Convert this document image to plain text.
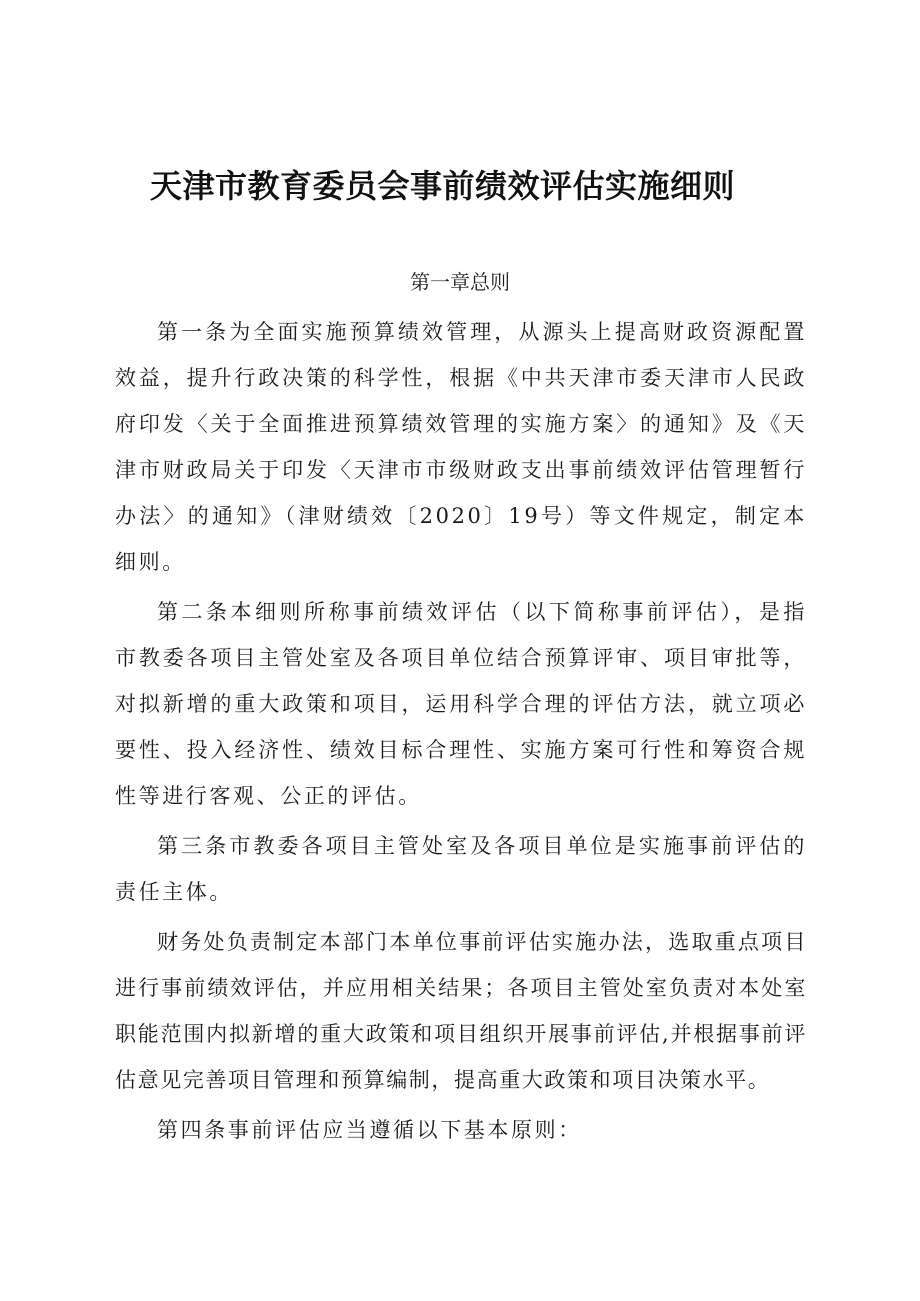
天津市教育委员会事前绩效评估实施细则
第一章总则

第一条为全面实施预算绩效管理，从源头上提高财政资源配置效益，提升行政决策的科学性，根据《中共天津市委天津市人民政府印发〈关于全面推进预算绩效管理的实施方案〉的通知》及《天津市财政局关于印发〈天津市市级财政支出事前绩效评估管理暂行办法〉的通知》（津财绩效〔2020〕19号）等文件规定，制定本细则。

第二条本细则所称事前绩效评估（以下简称事前评估），是指市教委各项目主管处室及各项目单位结合预算评审、项目审批等，对拟新增的重大政策和项目，运用科学合理的评估方法，就立项必要性、投入经济性、绩效目标合理性、实施方案可行性和筹资合规性等进行客观、公正的评估。

第三条市教委各项目主管处室及各项目单位是实施事前评估的责任主体。

财务处负责制定本部门本单位事前评估实施办法，选取重点项目进行事前绩效评估，并应用相关结果；各项目主管处室负责对本处室职能范围内拟新增的重大政策和项目组织开展事前评估,并根据事前评估意见完善项目管理和预算编制，提高重大政策和项目决策水平。

第四条事前评估应当遵循以下基本原则：
